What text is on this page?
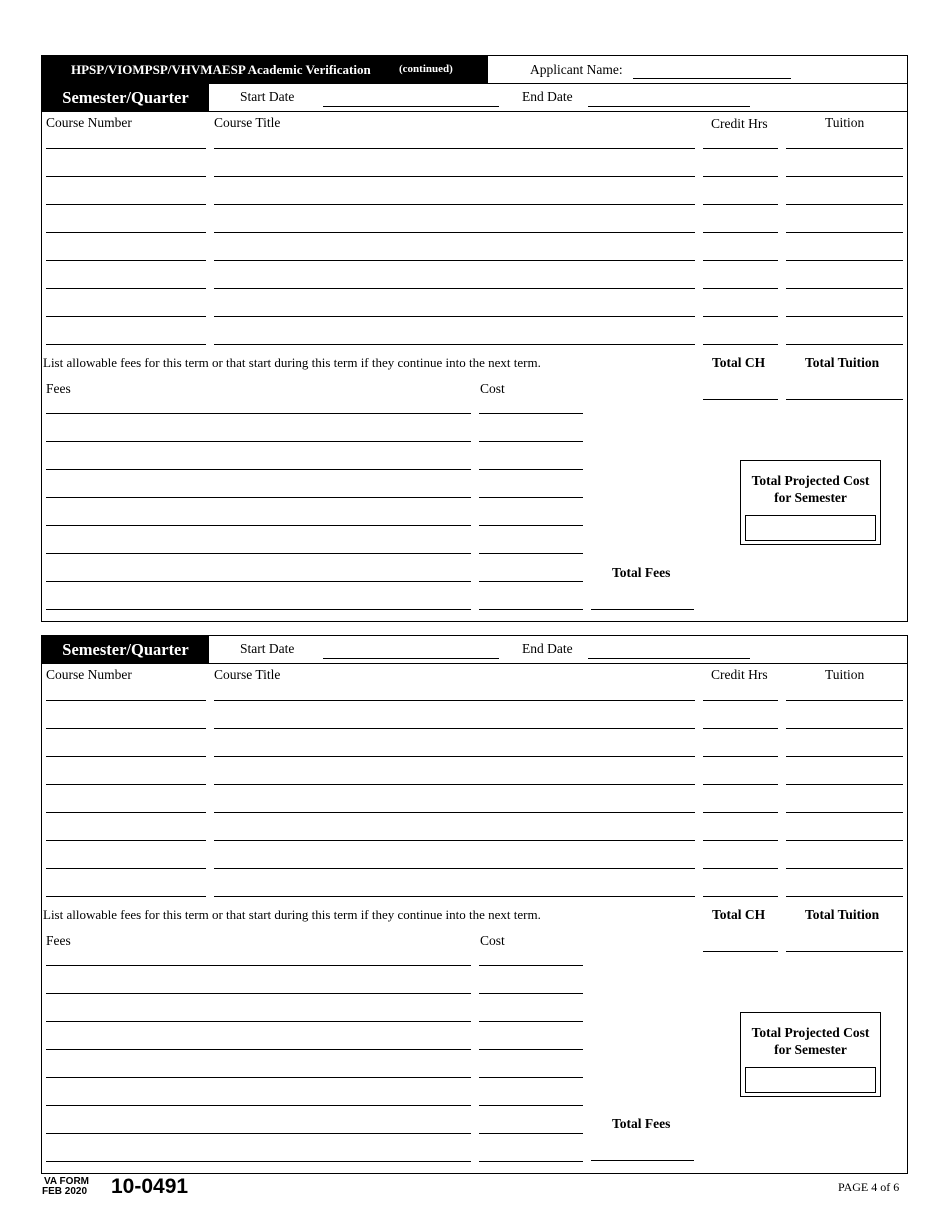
HPSP/VIOMPSP/VHVMAESP Academic Verification	(continued)	Applicant Name:
Semester/Quarter	Start Date	End Date
Course Number	Course Title	Credit Hrs	Tuition
List allowable fees for this term or that start during this term if they continue into the next term.	Total CH	Total Tuition
Fees	Cost
Total Fees
Total Projected Cost
for Semester
Semester/Quarter	Start Date	End Date
Course Number	Course Title	Credit Hrs	Tuition
List allowable fees for this term or that start during this term if they continue into the next term.	Total CH	Total Tuition
Fees	Cost
Total Fees
Total Projected Cost
for Semester
VA FORM
FEB 2020 10-0491	PAGE 4 of 6
